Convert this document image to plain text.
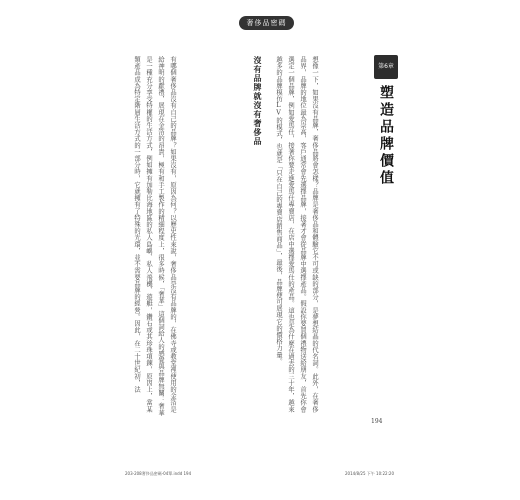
奢侈品密碼
第6章
塑造品牌價值
想像一下，如果沒有品牌，奢侈品將會怎樣？品牌是奢侈品和體驗它不可或缺的部分，是夢想結晶的代名詞。此外，在奢侈品界，品牌的地位最為崇高，客戶通常會先選擇品牌，接著才會從品牌中選擇產品。假設你要買個禮物送給朋友，首先你會選定一個品牌，例如愛馬仕，接著你要走進愛馬仕專賣店，在店中選擇愛馬仕的產品。這也是為什麼在過去的三十年，越來越多的品牌模仿LV的模式，也就是「只在自己的專賣店銷售商品」，最後，品牌便可展現它的價格力量。
沒有品牌就沒有奢侈品
有哪個奢侈品沒有自己的品牌？如果沒有，原因為何？以歷史性來說，奢侈品是沒有品牌的，在佛寺或教堂裡使用的金箔是給神明的獻禮，展現在金箔的昂貴，極有和手工製作的精細程度上，很多時候，「奢華」這個詞給人的感覺與品牌無關：奢華是一種充分享受特權的生活方式，例如擁有加勒比海地區的私人島嶼、私人飛機、遊艇，鑽石或其珍珠項鍊，原因上，當某類產品成為特定階層生活方式的一部分時，它就擁有了特殊的光環，並不需要品牌的經營。因此，在二十世紀初，法
194
203-208奢侈品密碼-04單.indd 194	2014/8/25 下午 10:22:20
